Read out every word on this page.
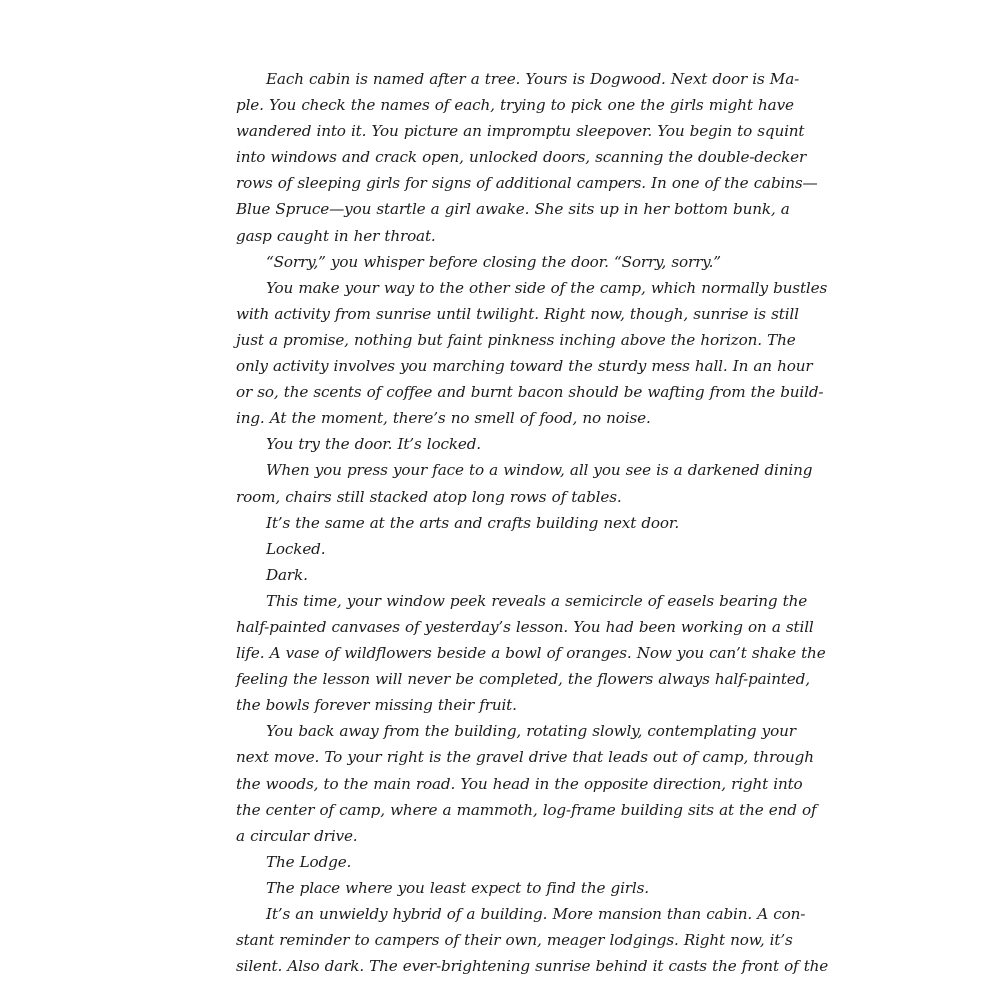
Each cabin is named after a tree. Yours is Dogwood. Next door is Ma-
ple. You check the names of each, trying to pick one the girls might have
wandered into it. You picture an impromptu sleepover. You begin to squint
into windows and crack open, unlocked doors, scanning the double-decker
rows of sleeping girls for signs of additional campers. In one of the cabins—
Blue Spruce—you startle a girl awake. She sits up in her bottom bunk, a
gasp caught in her throat.
“Sorry,” you whisper before closing the door. “Sorry, sorry.”
You make your way to the other side of the camp, which normally bustles
with activity from sunrise until twilight. Right now, though, sunrise is still
just a promise, nothing but faint pinkness inching above the horizon. The
only activity involves you marching toward the sturdy mess hall. In an hour
or so, the scents of coffee and burnt bacon should be wafting from the build-
ing. At the moment, there’s no smell of food, no noise.
You try the door. It’s locked.
When you press your face to a window, all you see is a darkened dining
room, chairs still stacked atop long rows of tables.
It’s the same at the arts and crafts building next door.
Locked.
Dark.
This time, your window peek reveals a semicircle of easels bearing the
half-painted canvases of yesterday’s lesson. You had been working on a still
life. A vase of wildflowers beside a bowl of oranges. Now you can’t shake the
feeling the lesson will never be completed, the flowers always half-painted,
the bowls forever missing their fruit.
You back away from the building, rotating slowly, contemplating your
next move. To your right is the gravel drive that leads out of camp, through
the woods, to the main road. You head in the opposite direction, right into
the center of camp, where a mammoth, log-frame building sits at the end of
a circular drive.
The Lodge.
The place where you least expect to find the girls.
It’s an unwieldy hybrid of a building. More mansion than cabin. A con-
stant reminder to campers of their own, meager lodgings. Right now, it’s
silent. Also dark. The ever-brightening sunrise behind it casts the front of the
